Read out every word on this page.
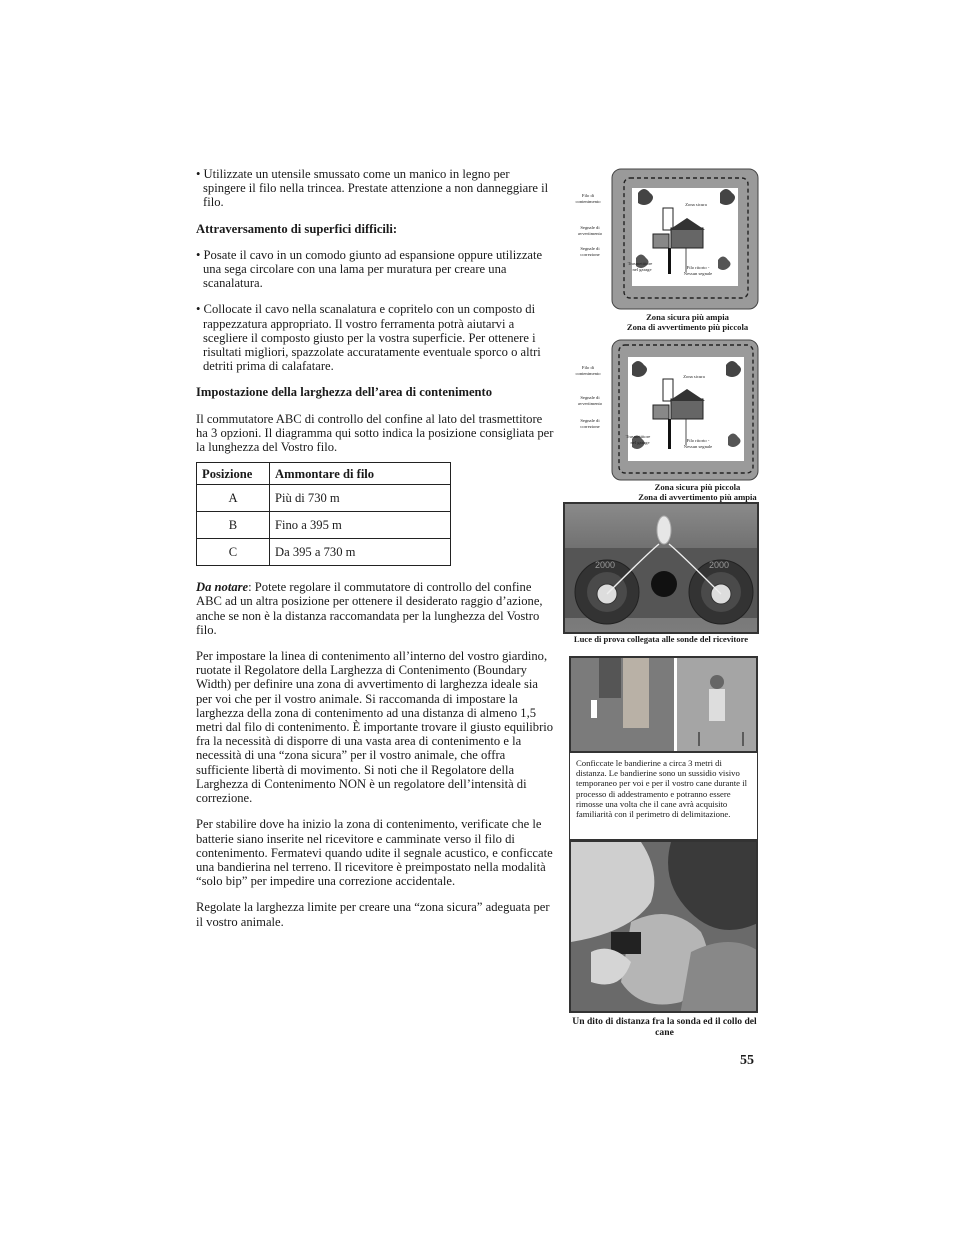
• Utilizzate un utensile smussato come un manico in legno per spingere il filo nella trincea. Prestate attenzione a non danneggiare il filo.

Attraversamento di superfici difficili:

• Posate il cavo in un comodo giunto ad espansione oppure utilizzate una sega circolare con una lama per muratura per creare una scanalatura.

• Collocate il cavo nella scanalatura e copritelo con un composto di rappezzatura appropriato. Il vostro ferramenta potrà aiutarvi a scegliere il composto giusto per la vostra superficie. Per ottenere i risultati migliori, spazzolate accuratamente eventuale sporco o altri detriti prima di calafatare.

Impostazione della larghezza dell’area di contenimento

Il commutatore ABC di controllo del confine al lato del trasmettitore ha 3 opzioni. Il diagramma qui sotto indica la posizione consigliata per la lunghezza del Vostro filo.

Posizione	Ammontare di filo
A	Più di 730 m
B	Fino a 395 m
C	Da 395 a 730 m

Da notare: Potete regolare il commutatore di controllo del confine ABC ad un altra posizione per ottenere il desiderato raggio d’azione, anche se non è la distanza raccomandata per la lunghezza del Vostro filo.

Per impostare la linea di contenimento all’interno del vostro giardino, ruotate il Regolatore della Larghezza di Contenimento (Boundary Width) per definire una zona di avvertimento di larghezza ideale sia per voi che per il vostro animale. Si raccomanda di impostare la larghezza della zona di contenimento ad una distanza di almeno 1,5 metri dal filo di contenimento. È importante trovare il giusto equilibrio fra la necessità di disporre di una vasta area di contenimento e la necessità di una “zona sicura” per il vostro animale, che offra sufficiente libertà di movimento. Si noti che il Regolatore della Larghezza di Contenimento NON è un regolatore dell’intensità di correzione.

Per stabilire dove ha inizio la zona di contenimento, verificate che le batterie siano inserite nel ricevitore e camminate verso il filo di contenimento. Fermatevi quando udite il segnale acustico, e conficcate una bandierina nel terreno. Il ricevitore è preimpostato nella modalità “solo bip” per impedire una correzione accidentale.

Regolate la larghezza limite per creare una “zona sicura” adeguata per il vostro animale.

Filo di
contenimento
Segnale di
avvertimento
Segnale di
correzione
Zona sicura
Trasmettitore
nel garage	Filo ritorto -
Nessun segnale
Zona sicura più ampia
Zona di avvertimento più piccola
Filo di
contenimento
Segnale di
avvertimento
Segnale di
correzione
Zona sicura
Trasmettitore
nel garage	Filo ritorto -
Nessun segnale
Zona sicura più piccola
Zona di avvertimento più ampia
2000	2000
Luce di prova collegata alle sonde del ricevitore
Conficcate le bandierine a circa 3 metri di distanza. Le bandierine sono un sussidio visivo temporaneo per voi e per il vostro cane durante il processo di addestramento e potranno essere rimosse una volta che il cane avrà acquisito familiarità con il perimetro di delimitazione.
Un dito di distanza fra la sonda ed il collo del cane
55
